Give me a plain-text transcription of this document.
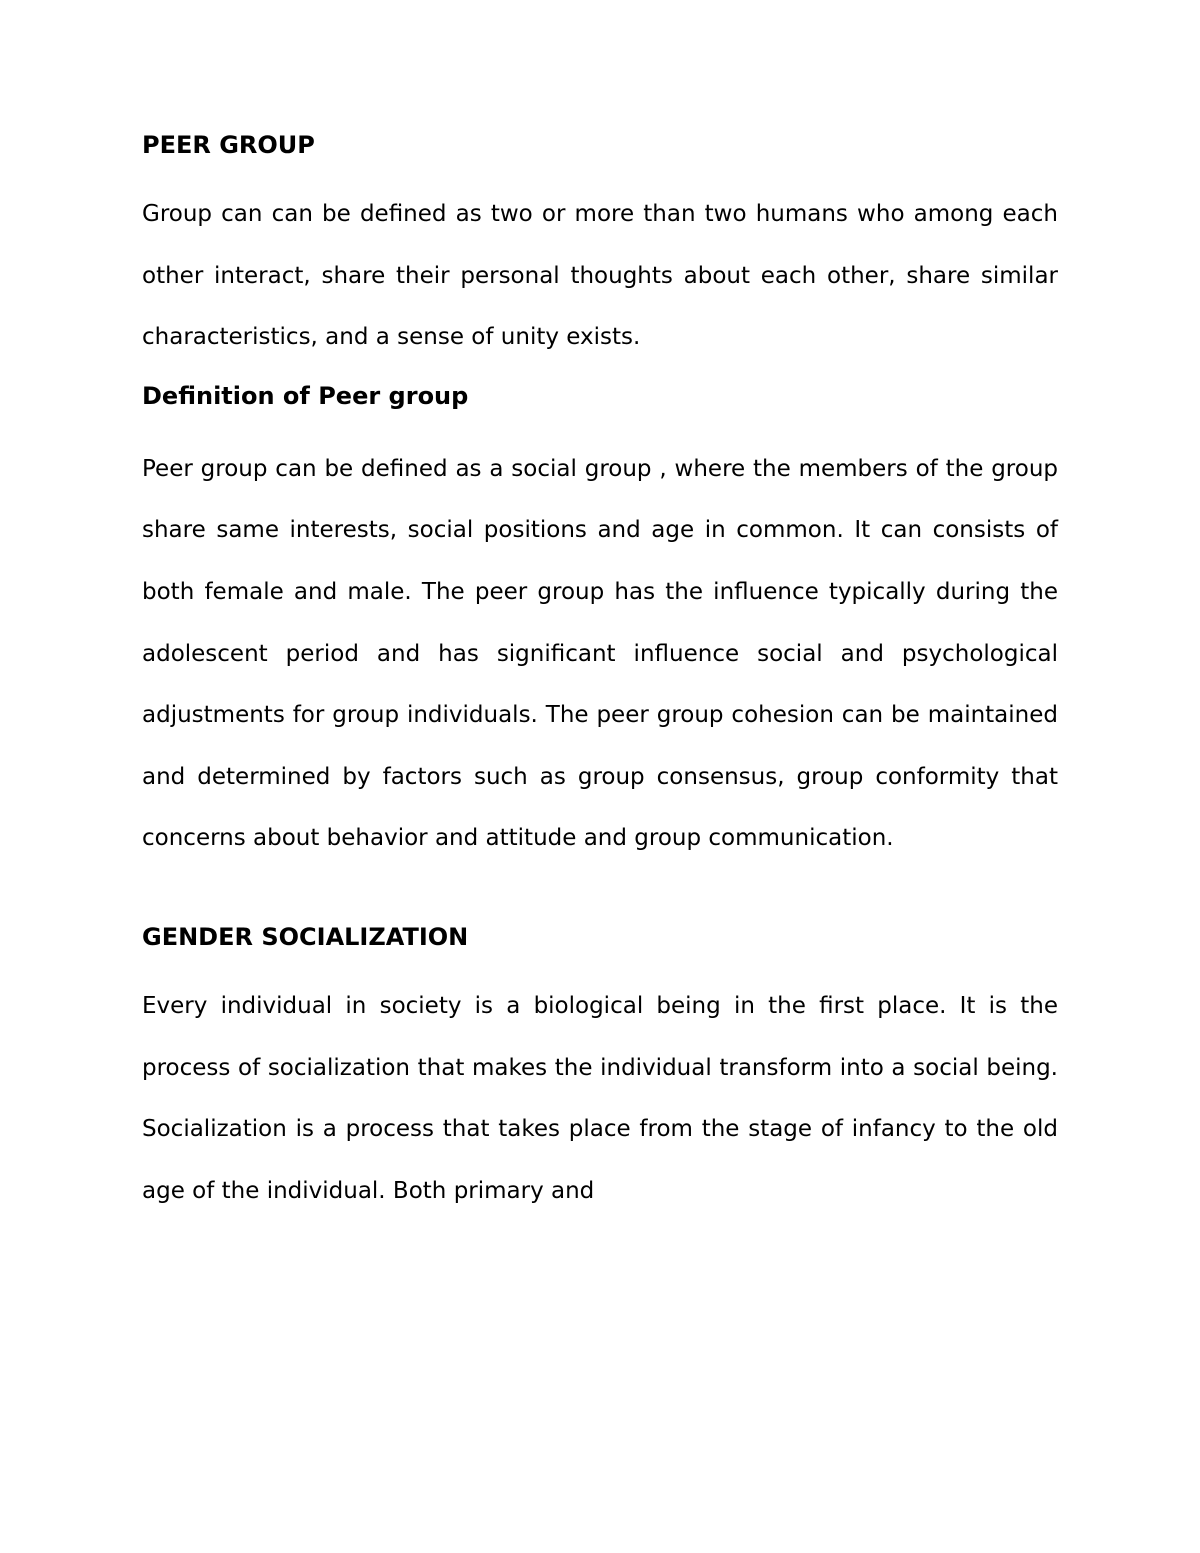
PEER GROUP

Group can can be defined as two or more than two humans who among each other interact, share their personal thoughts about each other, share similar characteristics, and a sense of unity exists.

Definition of Peer group

Peer group can be defined as a social group , where the members of the group share same interests, social positions and age in common. It can consists of both female and male. The peer group has the influence typically during the adolescent period and has significant influence social and psychological adjustments for group individuals. The peer group cohesion can be maintained and determined by factors such as group consensus, group conformity that concerns about behavior and attitude and group communication.

GENDER SOCIALIZATION

Every individual in society is a biological being in the first place. It is the process of socialization that makes the individual transform into a social being. Socialization is a process that takes place from the stage of infancy to the old age of the individual. Both primary and
